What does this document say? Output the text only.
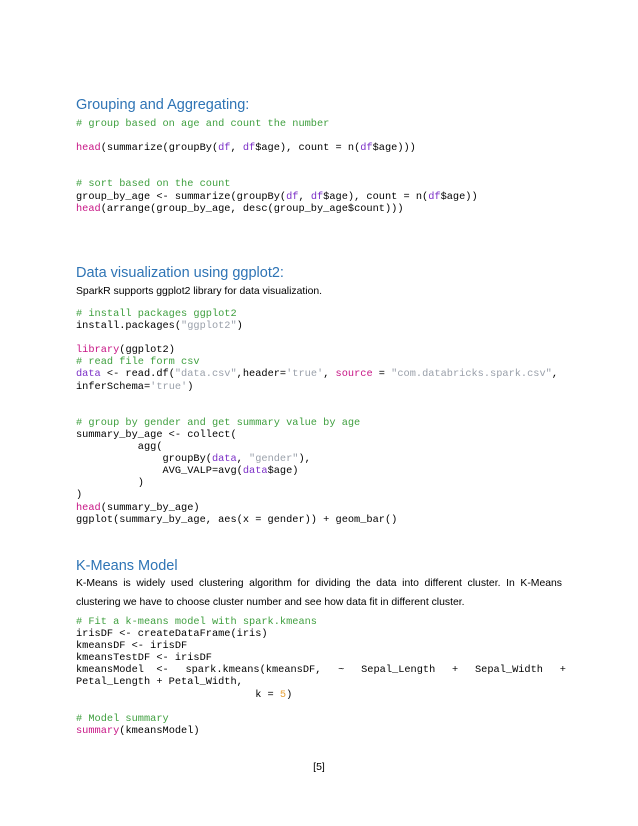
Grouping and Aggregating:
# group based on age and count the number
head(summarize(groupBy(df, df$age), count = n(df$age)))
# sort based on the count
group_by_age <- summarize(groupBy(df, df$age), count = n(df$age))
head(arrange(group_by_age, desc(group_by_age$count)))
Data visualization using ggplot2:

SparkR supports ggplot2 library for data visualization.

# install packages ggplot2
install.packages("ggplot2")
library(ggplot2)
# read file form csv
data <- read.df("data.csv",header='true', source = "com.databricks.spark.csv",
inferSchema='true')
# group by gender and get summary value by age
summary_by_age <- collect(
agg(
groupBy(data, "gender"),
AVG_VALP=avg(data$age)
)
)
head(summary_by_age)
ggplot(summary_by_age, aes(x = gender)) + geom_bar()
K-Means Model

K-Means is widely used clustering algorithm for dividing the data into different cluster. In K-Means clustering we have to choose cluster number and see how data fit in different cluster.

# Fit a k-means model with spark.kmeans
irisDF <- createDataFrame(iris)
kmeansDF <- irisDF
kmeansTestDF <- irisDF
kmeansModel  <- spark.kmeans(kmeansDF, ~ Sepal_Length + Sepal_Width +
Petal_Length + Petal_Width,
k = 5)
# Model summary
summary(kmeansModel)
[5]
